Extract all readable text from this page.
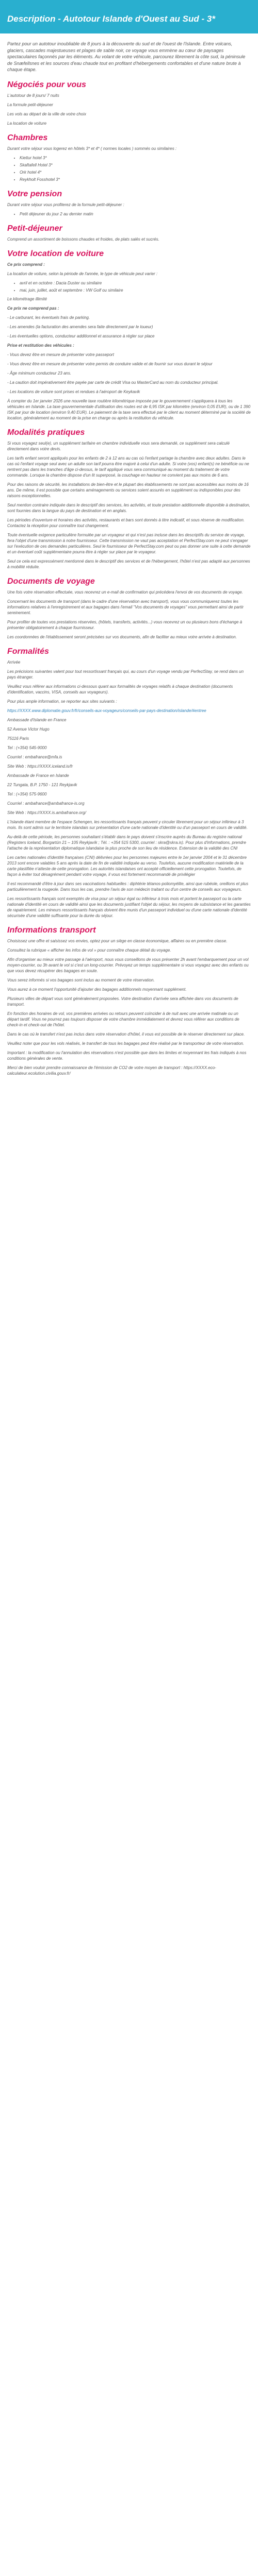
Description - Autotour Islande d'Ouest au Sud - 3*

Partez pour un autotour inoubliable de 8 jours à la découverte du sud et de l'ouest de l'Islande. Entre volcans, glaciers, cascades majestueuses et plages de sable noir, ce voyage vous emmène au cœur de paysages spectaculaires façonnés par les éléments. Au volant de votre véhicule, parcourez librement la côte sud, la péninsule de Snæfellsnes et les sources d'eau chaude tout en profitant d'hébergements confortables et d'une nature brute à chaque étape.

Négociés pour vous

L'autotour de 8 jours/ 7 nuits

La formule petit-déjeuner

Les vols au départ de la ville de votre choix

La location de voiture

Chambres

Durant votre séjour vous logerez en hôtels 3* et 4* ( normes locales ) sommés ou similaires :

• Kiettur hotel 3*
• Skaftafell Hotel 3*
• Ork hotel 4*
• Reykholt Fosshotel 3*
Votre pension

Durant votre séjour vous profiterez de la formule petit-déjeuner :

• Petit déjeuner du jour 2 au dernier matin
Petit-déjeuner

Comprend un assortiment de boissons chaudes et froides, de plats salés et sucrés.

Votre location de voiture

Ce prix comprend :

La location de voiture, selon la période de l'année, le type de véhicule peut varier :

• avril et en octobre : Dacia Duster ou similaire
• mai, juin, juillet, août et septembre : VW Golf ou similaire

Le kilométrage illimité

Ce prix ne comprend pas :

- Le carburant, les éventuels frais de parking.

- Les amendes (la facturation des amendes sera faite directement par le loueur)

- Les éventuelles options, conducteur additionnel et assurance à régler sur place

Prise et restitution des véhicules :

- Vous devez être en mesure de présenter votre passeport

- Vous devez être en mesure de présenter votre permis de conduire valide et de fournir sur vous durant le séjour

- Âge minimum conducteur 23 ans.

- La caution doit impérativement être payée par carte de crédit Visa ou MasterCard au nom du conducteur principal.

- Les locations de voiture sont prises et rendues à l'aéroport de Keykavik

À compter du 1er janvier 2026 une nouvelle taxe routière kilométrique imposée par le gouvernement s'appliquera à tous les véhicules en Islande. La taxe gouvernementale d'utilisation des routes est de 6,95 ISK par kilomètre (environ 0,05 EUR), ou de 1 390 ISK par jour de location (environ 9,40 EUR). Le paiement de la taxe sera effectué par le client au moment déterminé par la société de location, généralement au moment de la prise en charge ou après la restitution du véhicule.

Modalités pratiques

Si vous voyagez seul(e), un supplément tarifaire en chambre individuelle vous sera demandé, ce supplément sera calculé directement dans votre devis.

Les tarifs enfant seront appliqués pour les enfants de 2 à 12 ans au cas où l'enfant partage la chambre avec deux adultes. Dans le cas où l'enfant voyage seul avec un adulte son tarif pourra être majoré à celui d'un adulte. Si votre (vos) enfant(s) ne bénéficie ou ne rentrent pas dans les tranches d'âge ci-dessus, le tarif appliqué vous sera communiqué au moment du traitement de votre commande. Lorsque la chambre dispose d'un lit superposé, la couchage en hauteur ne convient pas aux moins de 6 ans.

Pour des raisons de sécurité, les installations de bien-être et le plupart des établissements ne sont pas accessibles aux moins de 16 ans. De même, il est possible que certains aménagements ou services soient assurés en supplément ou indisponibles pour des raisons exceptionnelles.

Seul mention contraire indiquée dans le descriptif des services, les activités, et toute prestation additionnelle disponible à destination, sont fournies dans la langue du pays de destination et en anglais.

Les périodes d'ouverture et horaires des activités, restaurants et bars sont donnés à titre indicatif, et sous réserve de modification. Contactez la réception pour connaître tout changement.

Toute éventuelle exigence particulière formulée par un voyageur et qui n'est pas incluse dans les descriptifs du service de voyage, fera l'objet d'une transmission à notre fournisseur. Cette transmission ne vaut pas acceptation et PerfectStay.com ne peut s'engager sur l'exécution de ces demandes particulières. Seul le fournisseur de PerfectStay.com peut ou pas donner une suite à cette demande et un éventuel coût supplémentaire pourra être à régler sur place par le voyageur.

Seul ce cela est expressément mentionné dans le descriptif des services et de l'hébergement, l'hôtel n'est pas adapté aux personnes à mobilité réduite.

Documents de voyage

Une fois votre réservation effectuée, vous recevrez un e-mail de confirmation qui précédera l'envoi de vos documents de voyage.

Concernant les documents de transport (dans le cadre d'une réservation avec transport), vous vous communiquerez toutes les informations relatives à l'enregistrement et aux bagages dans l'email "Vos documents de voyages" vous permettant ainsi de partir sereinement.

Pour profiter de toutes vos prestations réservées, (hôtels, transferts, activités...) vous recevrez un ou plusieurs bons d'échange à présenter obligatoirement à chaque fournisseur.

Les coordonnées de l'établissement seront précisées sur vos documents, afin de faciliter au mieux votre arrivée à destination.

Formalités

Arrivée

Les précisions suivantes valent pour tout ressortissant français qui, au cours d'un voyage vendu par PerfectStay, se rend dans un pays étranger.

Veuillez vous référer aux informations ci-dessous quant aux formalités de voyages relatifs à chaque destination (documents d'identification, vaccins, VISA, conseils aux voyageurs).

Pour plus ample information, se reporter aux sites suivants :

https://XXXX.www.diplomatie.gouv.fr/fr/conseils-aux-voyageurs/conseils-par-pays-destination/islande/#entree

Ambassade d'Islande en France

52 Avenue Victor Hugo

75116 Paris

Tel : (+354) 545-9000

Courriel : embafrance@mfa.is

Site Web : https://XXXX.iceland.is/fr

Ambassade de France en Islande

22 Tungata, B.P. 1750 - 121 Reykjavik

Tel : (+354) 575-9600

Courriel : ambafrance@ambafrance-is.org

Site Web : https://XXXX.is.ambafrance.org/

L'Islande étant membre de l'espace Schengen, les ressortissants français peuvent y circuler librement pour un séjour inférieur à 3 mois. Ils sont admis sur le territoire islandais sur présentation d'une carte nationale d'identité ou d'un passeport en cours de validité.

Au-delà de cette période, les personnes souhaitant s'établir dans le pays doivent s'inscrire auprès du Bureau du registre national (Registers Iceland, Borgartún 21 – 105 Reykjavík ; Tél. : +354 515 5300, courriel : skra@skra.is). Pour plus d'informations, prendre l'attache de la représentation diplomatique islandaise la plus proche de son lieu de résidence. Extension de la validité des CNI

Les cartes nationales d'identité françaises (CNI) délivrées pour les personnes majeures entre le 1er janvier 2004 et le 31 décembre 2013 sont encore valables 5 ans après la date de fin de validité indiquée au verso. Toutefois, aucune modification matérielle de la carte plastifiée n'atteste de cette prorogation. Les autorités islandaises ont accepté officiellement cette prorogation. Toutefois, de façon à éviter tout désagrément pendant votre voyage, il vous est fortement recommandé de privilégier

Il est recommandé d'être à jour dans ses vaccinations habituelles : diphtérie tétanos-poliomyélite, ainsi que rubéole, oreillons et plus particulièrement la rougeole. Dans tous les cas, prendre l'avis de son médecin traitant ou d'un centre de conseils aux voyageurs.

Les ressortissants français sont exemptés de visa pour un séjour égal ou inférieur à trois mois et portent le passeport ou la carte nationale d'identité en cours de validité ainsi que les documents justifiant l'objet du séjour, les moyens de subsistance et les garanties de rapatriement. Les mineurs ressortissants français doivent être munis d'un passeport individuel ou d'une carte nationale d'identité sécurisée d'une validité suffisante pour la durée du séjour.

Informations transport

Choisissez une offre et saisissez vos envies, optez pour un siège en classe économique, affaires ou en première classe.

Consultez la rubrique « afficher les infos de vol » pour connaître chaque détail du voyage.

Afin d'organiser au mieux votre passage à l'aéroport, nous vous conseillons de vous présenter 2h avant l'embarquement pour un vol moyen-courrier, ou 3h avant le vol si c'est un long-courrier. Prévoyez un temps supplémentaire si vous voyagez avec des enfants ou que vous devez récupérer des bagages en soute.

Vous serez informés si vos bagages sont inclus au moment de votre réservation.

Vous aurez à ce moment l'opportunité d'ajouter des bagages additionnels moyennant supplément.

Plusieurs villes de départ vous sont généralement proposées. Votre destination d'arrivée sera affichée dans vos documents de transport.

En fonction des horaires de vol, vos premières arrivées ou retours peuvent coïncider à de nuit avec une arrivée matinale ou un départ tardif. Vous ne pourrez pas toujours disposer de votre chambre immédiatement et devrez vous référer aux conditions de check-in et check-out de l'hôtel.

Dans le cas où le transfert n'est pas inclus dans votre réservation d'hôtel, il vous est possible de le réserver directement sur place.

Veuillez noter que pour les vols réalisés, le transfert de tous les bagages peut être réalisé par le transporteur de votre réservation.

Important : la modification ou l'annulation des réservations n'est possible que dans les limites et moyennant les frais indiqués à nos conditions générales de vente.

Merci de bien vouloir prendre connaissance de l'émission de CO2 de votre moyen de transport : https://XXXX.eco-calculateur.ecolution.civilia.gouv.fr/
